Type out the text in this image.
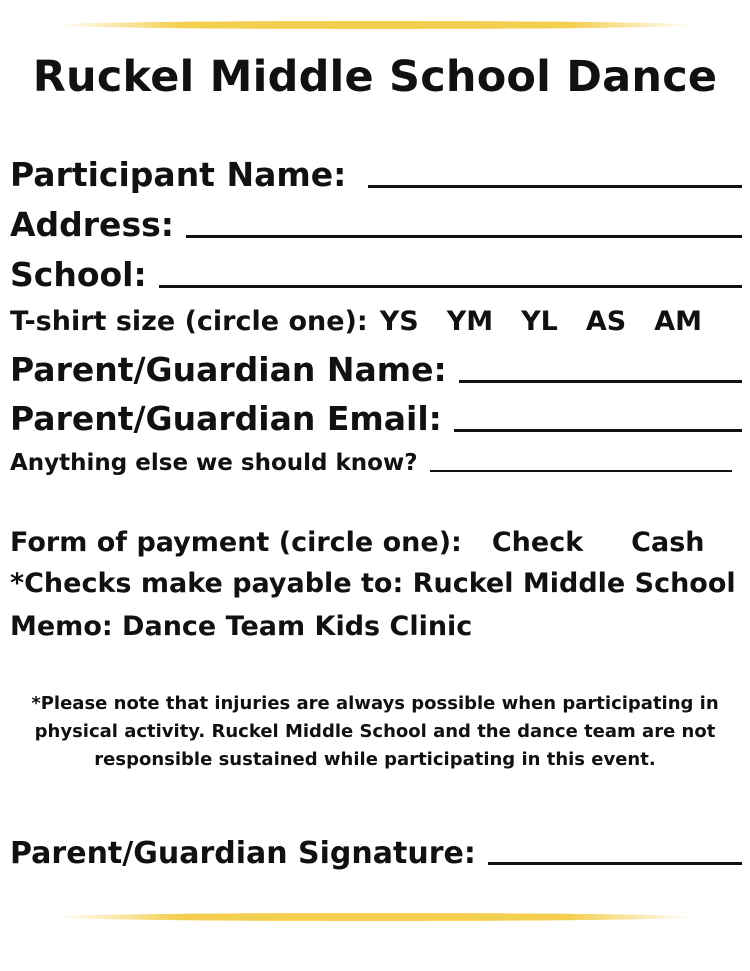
Ruckel Middle School Dance
Participant Name:
Address:
School:
T-shirt size (circle one): YS YM YL AS AM
Parent/Guardian Name:
Parent/Guardian Email:
Anything else we should know?
Form of payment (circle one): Check Cash
*Checks make payable to: Ruckel Middle School
Memo: Dance Team Kids Clinic
*Please note that injuries are always possible when participating in physical activity. Ruckel Middle School and the dance team are not responsible sustained while participating in this event.
Parent/Guardian Signature:
